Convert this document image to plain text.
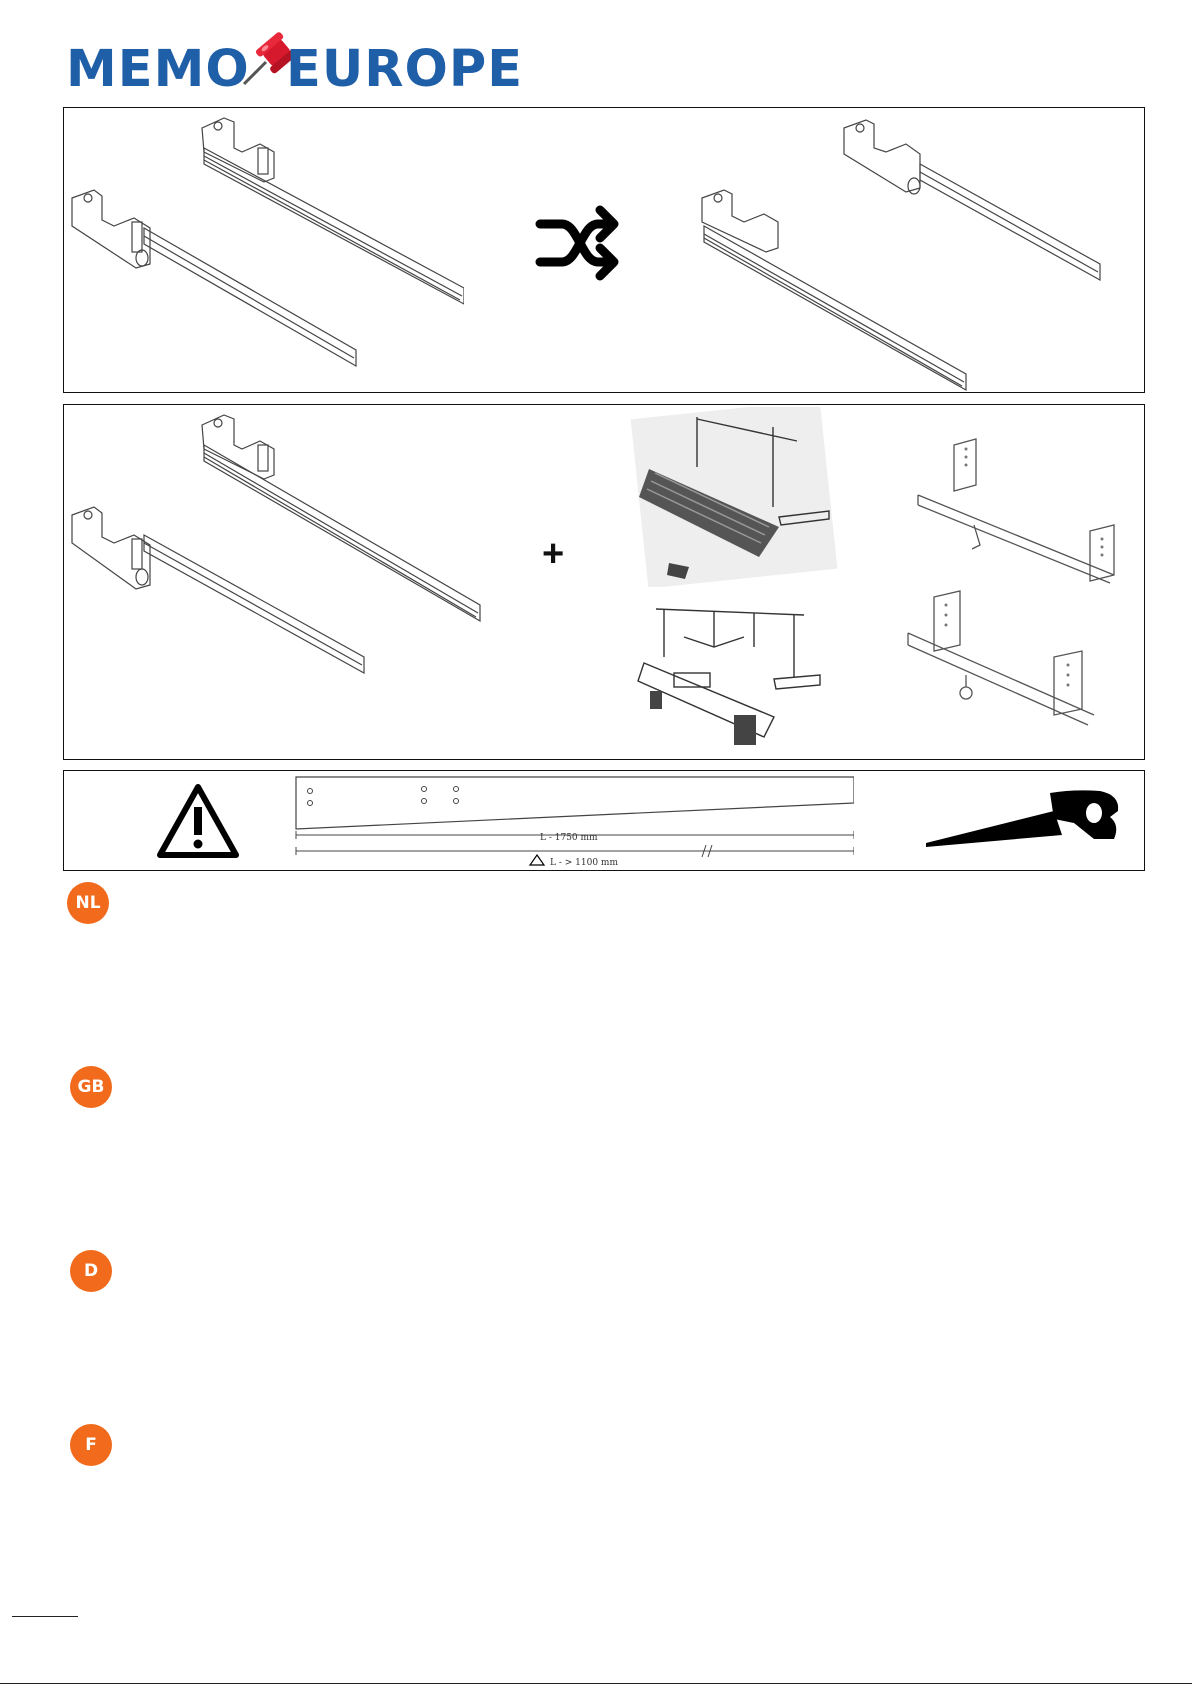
MEMO EUROPE
+
L - 1750 mm
L - > 1100 mm
NL
GB
D
F
